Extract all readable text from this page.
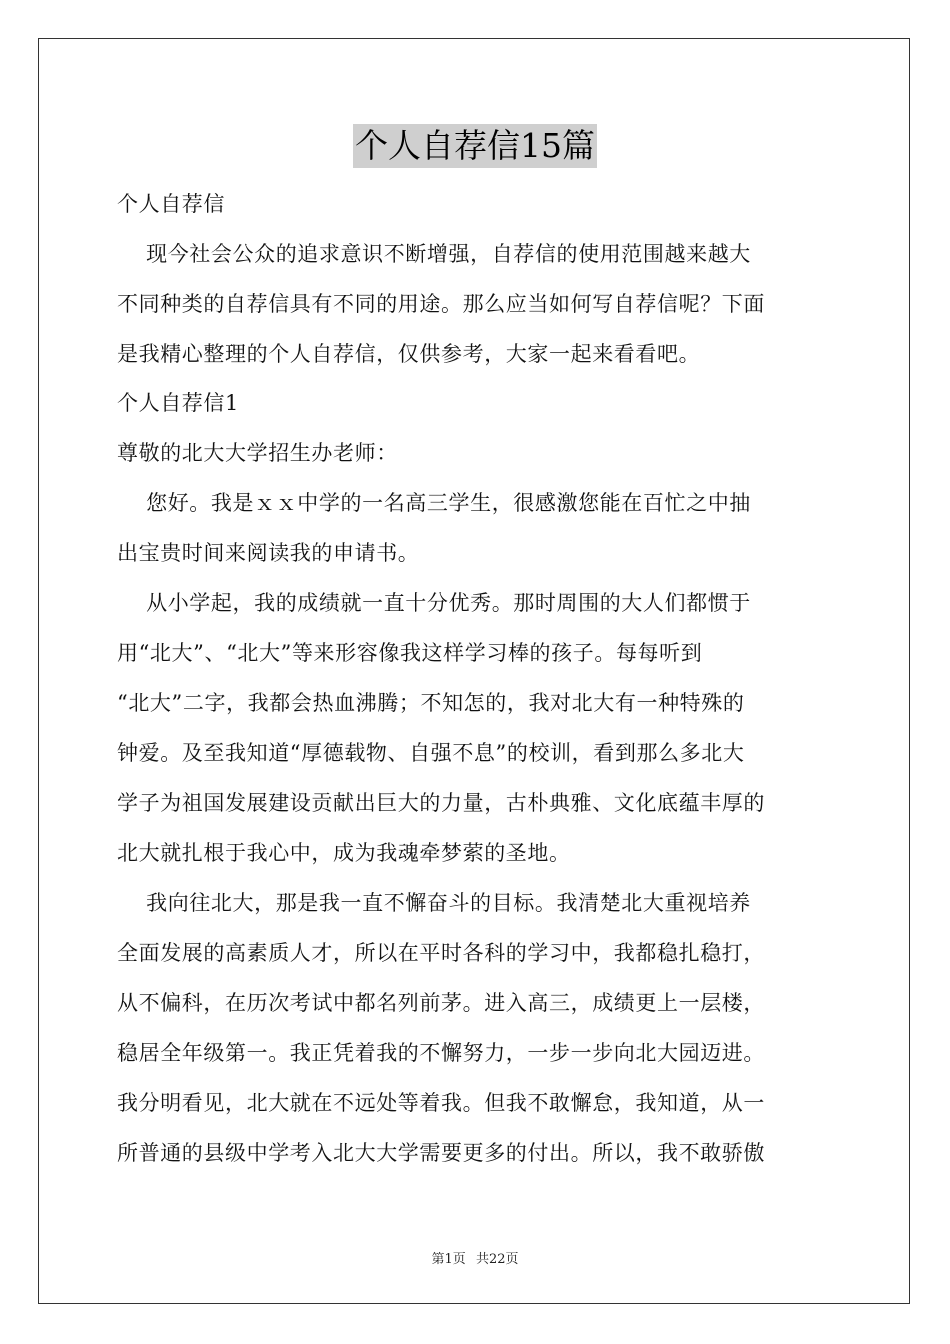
个人自荐信15篇
个人自荐信
现今社会公众的追求意识不断增强，自荐信的使用范围越来越大
不同种类的自荐信具有不同的用途。那么应当如何写自荐信呢？下面
是我精心整理的个人自荐信，仅供参考，大家一起来看看吧。
个人自荐信1
尊敬的北大大学招生办老师：
您好。我是ｘｘ中学的一名高三学生，很感激您能在百忙之中抽
出宝贵时间来阅读我的申请书。
从小学起，我的成绩就一直十分优秀。那时周围的大人们都惯于
用“北大”、“北大”等来形容像我这样学习棒的孩子。每每听到
“北大”二字，我都会热血沸腾；不知怎的，我对北大有一种特殊的
钟爱。及至我知道“厚德载物、自强不息”的校训，看到那么多北大
学子为祖国发展建设贡献出巨大的力量，古朴典雅、文化底蕴丰厚的
北大就扎根于我心中，成为我魂牵梦萦的圣地。
我向往北大，那是我一直不懈奋斗的目标。我清楚北大重视培养
全面发展的高素质人才，所以在平时各科的学习中，我都稳扎稳打，
从不偏科，在历次考试中都名列前茅。进入高三，成绩更上一层楼，
稳居全年级第一。我正凭着我的不懈努力，一步一步向北大园迈进。
我分明看见，北大就在不远处等着我。但我不敢懈怠，我知道，从一
所普通的县级中学考入北大大学需要更多的付出。所以，我不敢骄傲
第1页 共22页
